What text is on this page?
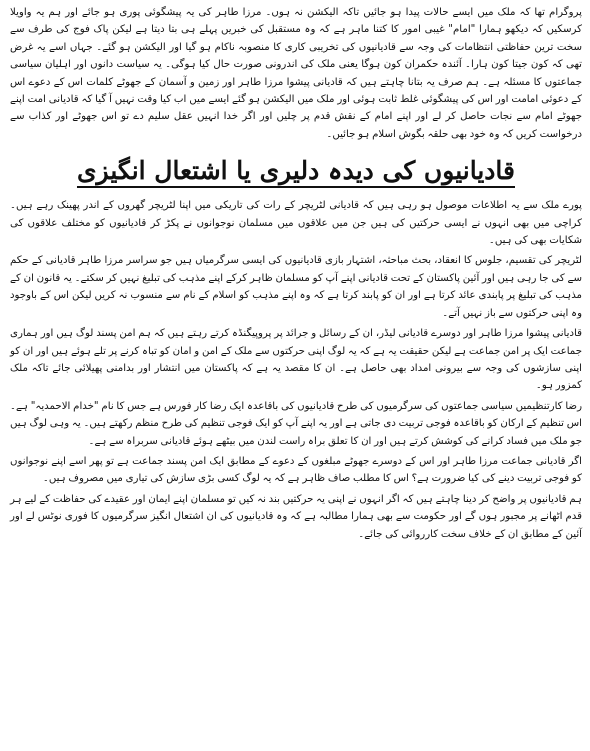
پروگرام تھا کہ ملک میں ایسے حالات پیدا ہو جائیں تاکہ الیکشن نہ ہوں۔ مرزا طاہر کی یہ پیشگوئی پوری ہو جائے اور ہم یہ واویلا کرسکیں کہ دیکھو ہمارا "امام" غیبی امور کا کتنا ماہر ہے کہ وہ مستقبل کی خبریں پہلے ہی بتا دیتا ہے لیکن پاک فوج کی طرف سے سخت ترین حفاظتی انتظامات کی وجہ سے قادیانیوں کی تخریبی کاری کا منصوبہ ناکام ہو گیا اور الیکشن ہو گئے۔ جہاں اسے یہ غرض تھی کہ کون جیتا کون ہارا۔ آئندہ حکمران کون ہوگا یعنی ملک کی اندرونی صورت حال کیا ہوگی۔ یہ سیاست دانوں اور اہلیان سیاسی جماعتوں کا مسئلہ ہے۔ ہم صرف یہ بتانا چاہتے ہیں کہ قادیانی پیشوا مرزا طاہر اور زمین و آسمان کے جھوٹے کلمات اس کے دعوے اس کے دعوئی امامت اور اس کی پیشگوئی غلط ثابت ہوئی اور ملک میں الیکشن ہو گئے ایسے میں اب کیا وقت نہیں آ گیا کہ قادیانی امت اپنے جھوٹے امام سے نجات حاصل کر لے اور اپنے امام کے نقش قدم پر چلیں اور اگر خدا انہیں عقل سلیم دے تو اس جھوٹے اور کذاب سے درخواست کریں کہ وہ خود بھی حلقہ بگوش اسلام ہو جائیں۔

قادیانیوں کی دیدہ دلیری یا اشتعال انگیزی

پورے ملک سے یہ اطلاعات موصول ہو رہی ہیں کہ قادیانی لٹریچر کے رات کی تاریکی میں اپنا لٹریچر گھروں کے اندر پھینک رہے ہیں۔ کراچی میں بھی انہوں نے ایسی حرکتیں کی ہیں جن میں علاقوں میں مسلمان نوجوانوں نے پکڑ کر قادیانیوں کو مختلف علاقوں کی شکایات بھی کی ہیں۔

لٹریچر کی تقسیم، جلوس کا انعقاد، بحث مباحثہ، اشتہار بازی قادیانیوں کی ایسی سرگرمیاں ہیں جو سراسر مرزا طاہر قادیانی کے حکم سے کی جا رہی ہیں اور آئین پاکستان کے تحت قادیانی اپنے آپ کو مسلمان ظاہر کرکے اپنے مذہب کی تبلیغ نہیں کر سکتے۔ یہ قانون ان کے مذہب کی تبلیغ پر پابندی عائد کرتا ہے اور ان کو پابند کرتا ہے کہ وہ اپنے مذہب کو اسلام کے نام سے منسوب نہ کریں لیکن اس کے باوجود وہ اپنی حرکتوں سے باز نہیں آتے۔

قادیانی پیشوا مرزا طاہر اور دوسرے قادیانی لیڈر، ان کے رسائل و جرائد پر پروپیگنڈہ کرتے رہتے ہیں کہ ہم امن پسند لوگ ہیں اور ہماری جماعت ایک پر امن جماعت ہے لیکن حقیقت یہ ہے کہ یہ لوگ اپنی حرکتوں سے ملک کے امن و امان کو تباہ کرنے پر تلے ہوئے ہیں اور ان کو اپنی سازشوں کی وجہ سے بیرونی امداد بھی حاصل ہے۔ ان کا مقصد یہ ہے کہ پاکستان میں انتشار اور بدامنی پھیلائی جائے تاکہ ملک کمزور ہو۔

رضا کارتنظیمیں سیاسی جماعتوں کی سرگرمیوں کی طرح قادیانیوں کی باقاعدہ ایک رضا کار فورس ہے جس کا نام "خدام الاحمدیہ" ہے۔ اس تنظیم کے ارکان کو باقاعدہ فوجی تربیت دی جاتی ہے اور یہ اپنے آپ کو ایک فوجی تنظیم کی طرح منظم رکھتے ہیں۔ یہ وہی لوگ ہیں جو ملک میں فساد کرانے کی کوشش کرتے ہیں اور ان کا تعلق براہ راست لندن میں بیٹھے ہوئے قادیانی سربراہ سے ہے۔

اگر قادیانی جماعت مرزا طاہر اور اس کے دوسرے جھوٹے مبلغوں کے دعوے کے مطابق ایک امن پسند جماعت ہے تو پھر اسے اپنے نوجوانوں کو فوجی تربیت دینے کی کیا ضرورت ہے؟ اس کا مطلب صاف ظاہر ہے کہ یہ لوگ کسی بڑی سازش کی تیاری میں مصروف ہیں۔

ہم قادیانیوں پر واضح کر دینا چاہتے ہیں کہ اگر انہوں نے اپنی یہ حرکتیں بند نہ کیں تو مسلمان اپنے ایمان اور عقیدے کی حفاظت کے لیے ہر قدم اٹھانے پر مجبور ہوں گے اور حکومت سے بھی ہمارا مطالبہ ہے کہ وہ قادیانیوں کی ان اشتعال انگیز سرگرمیوں کا فوری نوٹس لے اور آئین کے مطابق ان کے خلاف سخت کارروائی کی جائے۔
